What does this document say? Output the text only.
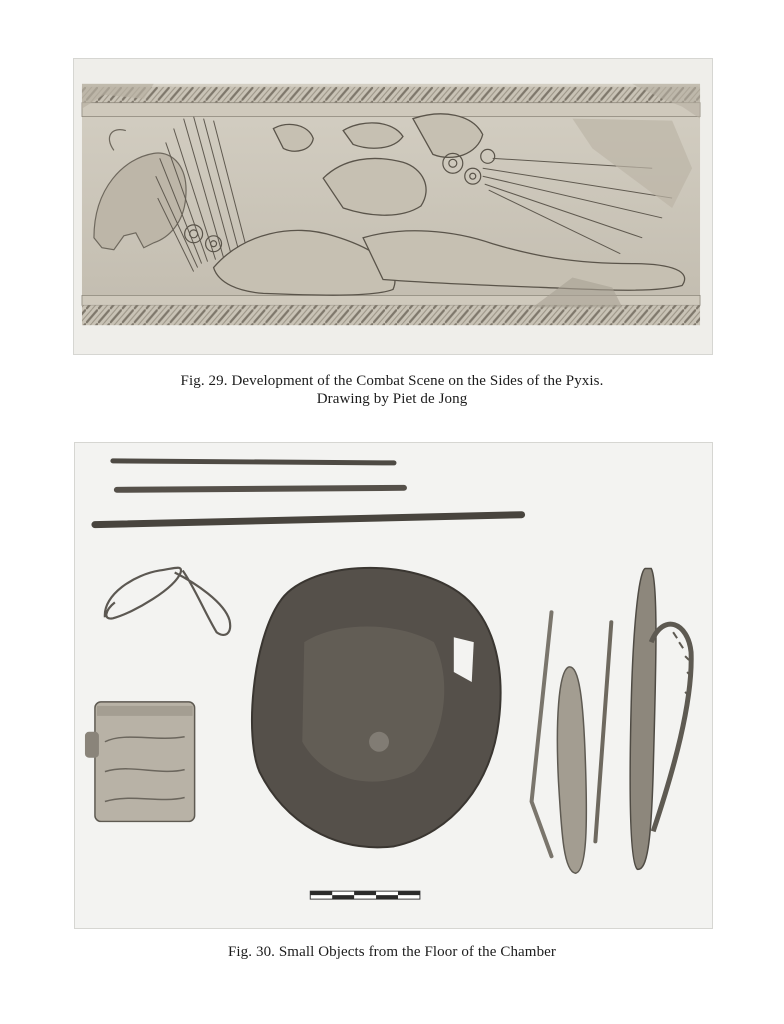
Fig. 29. Development of the Combat Scene on the Sides of the Pyxis.
Drawing by Piet de Jong
Fig. 30. Small Objects from the Floor of the Chamber
